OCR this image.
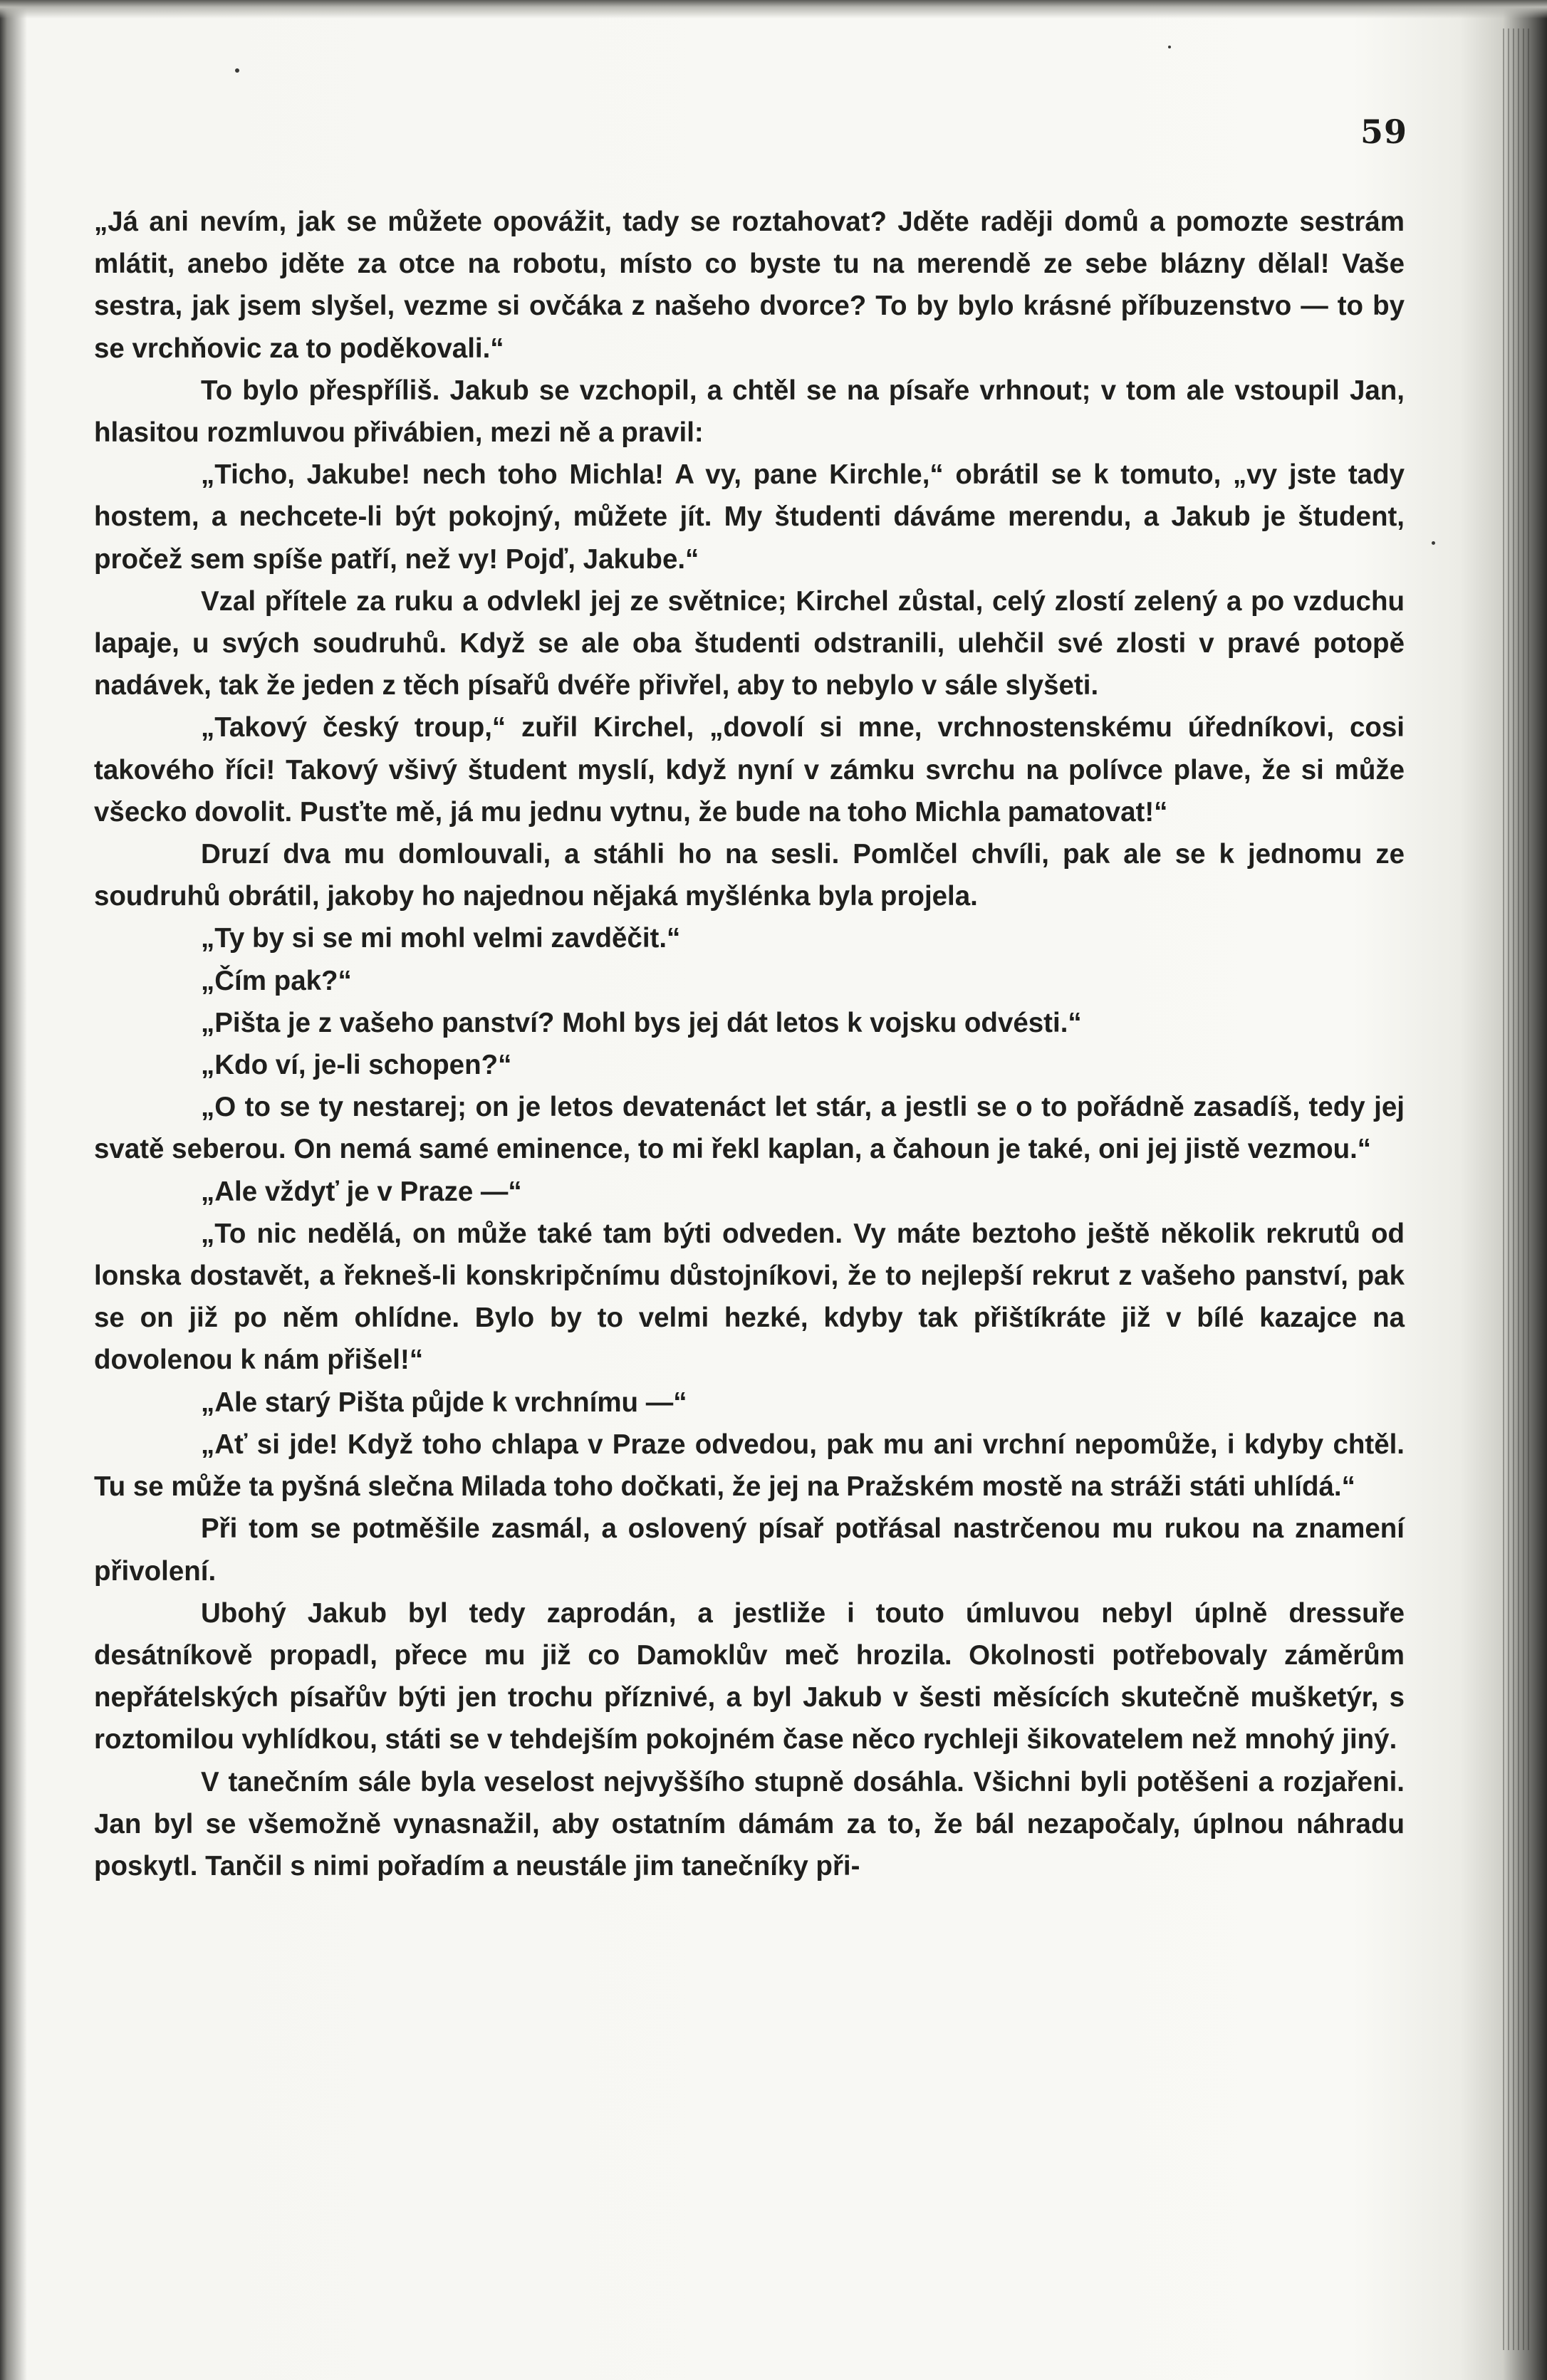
59

„Já ani nevím, jak se můžete opovážit, tady se roztahovat? Jděte raději domů a pomozte sestrám mlátit, anebo jděte za otce na robotu, místo co byste tu na merendě ze sebe blázny dělal! Vaše sestra, jak jsem slyšel, vezme si ovčáka z našeho dvorce? To by bylo krásné příbuzenstvo — to by se vrchňovic za to poděkovali.“

To bylo přespříliš. Jakub se vzchopil, a chtěl se na písaře vrhnout; v tom ale vstoupil Jan, hlasitou rozmluvou přivábien, mezi ně a pravil:

„Ticho, Jakube! nech toho Michla! A vy, pane Kirchle,“ obrátil se k tomuto, „vy jste tady hostem, a nechcete-li být pokojný, můžete jít. My študenti dáváme merendu, a Jakub je študent, pročež sem spíše patří, než vy! Pojď, Jakube.“

Vzal přítele za ruku a odvlekl jej ze světnice; Kirchel zůstal, celý zlostí zelený a po vzduchu lapaje, u svých soudruhů. Když se ale oba študenti odstranili, ulehčil své zlosti v pravé potopě nadávek, tak že jeden z těch písařů dvéře přivřel, aby to nebylo v sále slyšeti.

„Takový český troup,“ zuřil Kirchel, „dovolí si mne, vrchnostenskému úředníkovi, cosi takového říci! Takový všivý študent myslí, když nyní v zámku svrchu na polívce plave, že si může všecko dovolit. Pusťte mě, já mu jednu vytnu, že bude na toho Michla pamatovat!“

Druzí dva mu domlouvali, a stáhli ho na sesli. Pomlčel chvíli, pak ale se k jednomu ze soudruhů obrátil, jakoby ho najednou nějaká myšlénka byla projela.

„Ty by si se mi mohl velmi zavděčit.“

„Čím pak?“

„Pišta je z vašeho panství? Mohl bys jej dát letos k vojsku odvésti.“

„Kdo ví, je-li schopen?“

„O to se ty nestarej; on je letos devatenáct let stár, a jestli se o to pořádně zasadíš, tedy jej svatě seberou. On nemá samé eminence, to mi řekl kaplan, a čahoun je také, oni jej jistě vezmou.“

„Ale vždyť je v Praze —“

„To nic nedělá, on může také tam býti odveden. Vy máte beztoho ještě několik rekrutů od lonska dostavět, a řekneš-li konskripčnímu důstojníkovi, že to nejlepší rekrut z vašeho panství, pak se on již po něm ohlídne. Bylo by to velmi hezké, kdyby tak přištíkráte již v bílé kazajce na dovolenou k nám přišel!“

„Ale starý Pišta půjde k vrchnímu —“

„Ať si jde! Když toho chlapa v Praze odvedou, pak mu ani vrchní nepomůže, i kdyby chtěl. Tu se může ta pyšná slečna Milada toho dočkati, že jej na Pražském mostě na stráži státi uhlídá.“

Při tom se potměšile zasmál, a oslovený písař potřásal nastrčenou mu rukou na znamení přivolení.

Ubohý Jakub byl tedy zaprodán, a jestliže i touto úmluvou nebyl úplně dressuře desátníkově propadl, přece mu již co Damoklův meč hrozila. Okolnosti potřebovaly záměrům nepřátelských písařův býti jen trochu příznivé, a byl Jakub v šesti měsících skutečně mušketýr, s roztomilou vyhlídkou, státi se v tehdejším pokojném čase něco rychleji šikovatelem než mnohý jiný.

V tanečním sále byla veselost nejvyššího stupně dosáhla. Všichni byli potěšeni a rozjařeni. Jan byl se všemožně vynasnažil, aby ostatním dámám za to, že bál nezapočaly, úplnou náhradu poskytl. Tančil s nimi pořadím a neustále jim tanečníky při-
